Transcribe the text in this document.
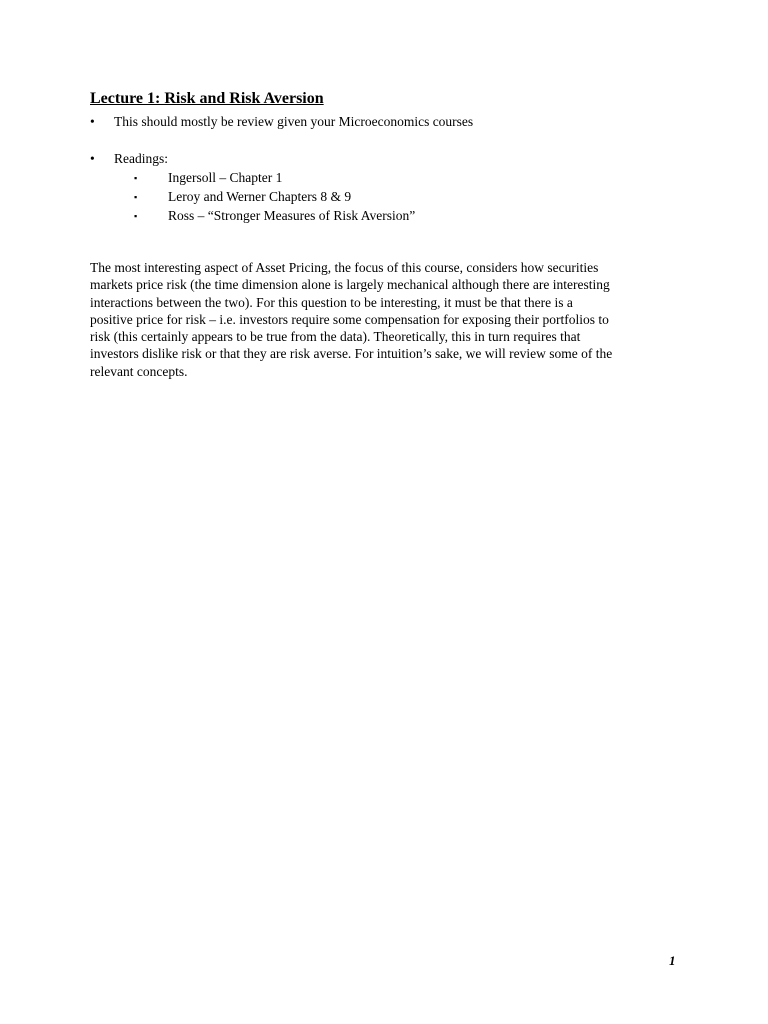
Lecture 1: Risk and Risk Aversion
• This should mostly be review given your Microeconomics courses
• Readings:
▪ Ingersoll – Chapter 1
▪ Leroy and Werner Chapters 8 & 9
▪ Ross – “Stronger Measures of Risk Aversion”

The most interesting aspect of Asset Pricing, the focus of this course, considers how securities
markets price risk (the time dimension alone is largely mechanical although there are interesting
interactions between the two). For this question to be interesting, it must be that there is a
positive price for risk – i.e. investors require some compensation for exposing their portfolios to
risk (this certainly appears to be true from the data). Theoretically, this in turn requires that
investors dislike risk or that they are risk averse. For intuition’s sake, we will review some of the
relevant concepts.

1
